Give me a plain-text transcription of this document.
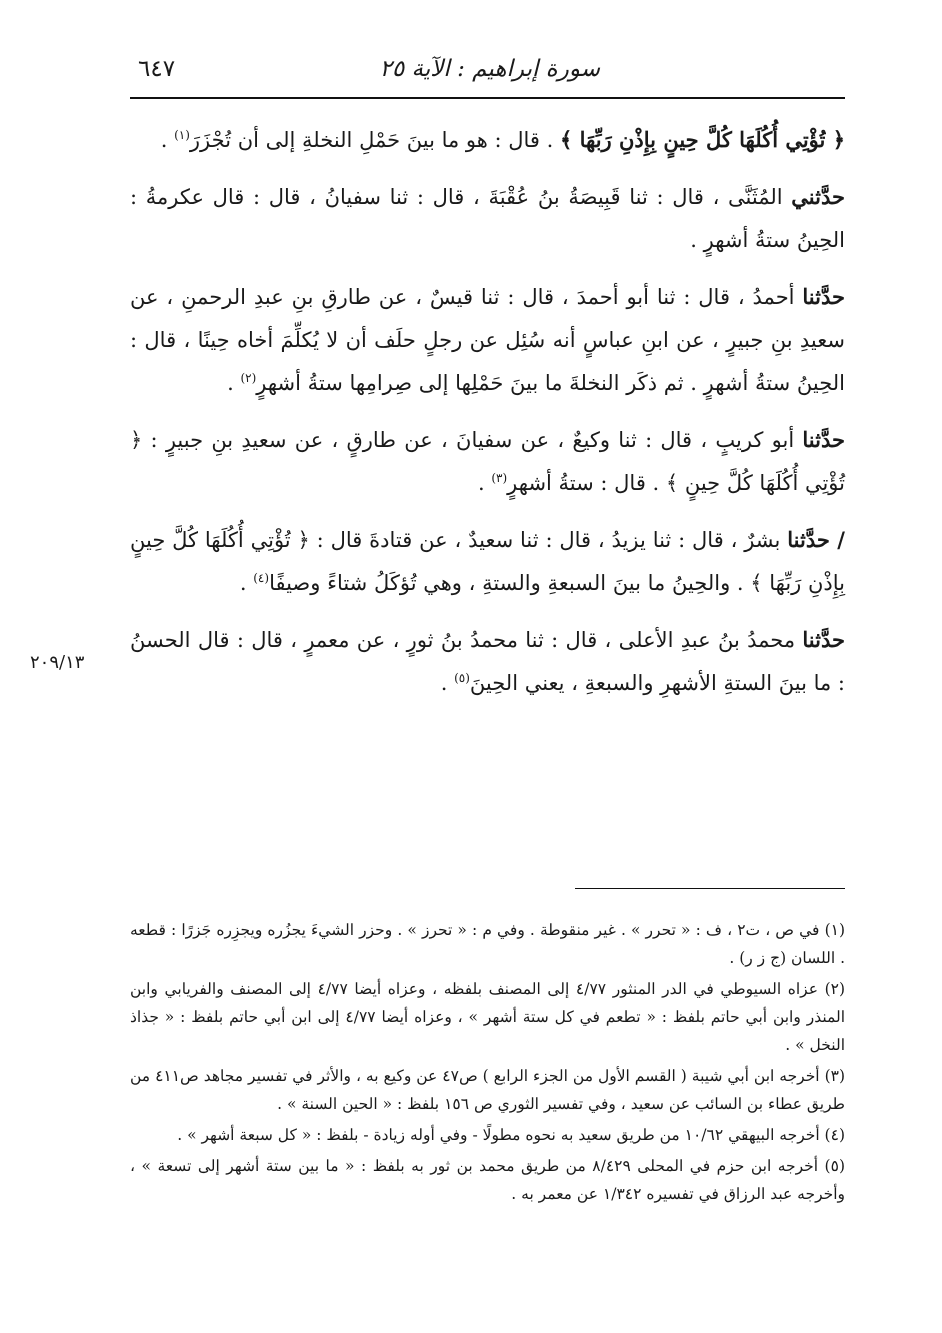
سورة إبراهيم : الآية ٢٥
٦٤٧
٢٠٩/١٣

﴿ تُؤْتِي أُكُلَهَا كُلَّ حِينٍ بِإِذْنِ رَبِّهَا ﴾ . قال : هو ما بينَ حَمْلِ النخلةِ إلى أن تُجْزَرَ$^{(١)}$ .

حدَّثني المُثَنَّى ، قال : ثنا قَبِيصَةُ بنُ عُقْبَةَ ، قال : ثنا سفيانُ ، قال : قال عكرمةُ : الحِينُ ستةُ أشهرٍ .

حدَّثنا أحمدُ ، قال : ثنا أبو أحمدَ ، قال : ثنا قيسٌ ، عن طارقِ بنِ عبدِ الرحمنِ ، عن سعيدِ بنِ جبيرٍ ، عن ابنِ عباسٍ أنه سُئِل عن رجلٍ حلَف أن لا يُكلِّمَ أخاه حِينًا ، قال : الحِينُ ستةُ أشهرٍ . ثم ذكَر النخلةَ ما بينَ حَمْلِها إلى صِرامِها ستةُ أشهرٍ$^{(٢)}$ .

حدَّثنا أبو كريبٍ ، قال : ثنا وكيعٌ ، عن سفيانَ ، عن طارقٍ ، عن سعيدِ بنِ جبيرٍ : ﴿ تُؤْتِي أُكُلَهَا كُلَّ حِينٍ ﴾ . قال : ستةُ أشهرٍ$^{(٣)}$ .

/ حدَّثنا بشرٌ ، قال : ثنا يزيدُ ، قال : ثنا سعيدٌ ، عن قتادةَ قال : ﴿ تُؤْتِي أُكُلَهَا كُلَّ حِينٍ بِإِذْنِ رَبِّهَا ﴾ . والحِينُ ما بينَ السبعةِ والستةِ ، وهي تُؤكَلُ شتاءً وصيفًا$^{(٤)}$ .

حدَّثنا محمدُ بنُ عبدِ الأعلى ، قال : ثنا محمدُ بنُ ثورٍ ، عن معمرٍ ، قال : قال الحسنُ : ما بينَ الستةِ الأشهرِ والسبعةِ ، يعني الحِينَ$^{(٥)}$ .

(١) في ص ، ت٢ ، ف : « تحرر » . غير منقوطة . وفي م : « تحرز » . وحزر الشيءَ يجزُره ويجزِره جَزرًا : قطعه . اللسان (ج ز ر) .

(٢) عزاه السيوطي في الدر المنثور ٤/٧٧ إلى المصنف بلفظه ، وعزاه أيضا ٤/٧٧ إلى المصنف والفريابي وابن المنذر وابن أبي حاتم بلفظ : « تطعم في كل ستة أشهر » ، وعزاه أيضا ٤/٧٧ إلى ابن أبي حاتم بلفظ : « جذاذ النخل » .

(٣) أخرجه ابن أبي شيبة ( القسم الأول من الجزء الرابع ) ص٤٧ عن وكيع به ، والأثر في تفسير مجاهد ص٤١١ من طريق عطاء بن السائب عن سعيد ، وفي تفسير الثوري ص ١٥٦ بلفظ : « الحين السنة » .

(٤) أخرجه البيهقي ١٠/٦٢ من طريق سعيد به نحوه مطولًا - وفي أوله زيادة - بلفظ : « كل سبعة أشهر » .

(٥) أخرجه ابن حزم في المحلى ٨/٤٢٩ من طريق محمد بن ثور به بلفظ : « ما بين ستة أشهر إلى تسعة » ، وأخرجه عبد الرزاق في تفسيره ١/٣٤٢ عن معمر به .
